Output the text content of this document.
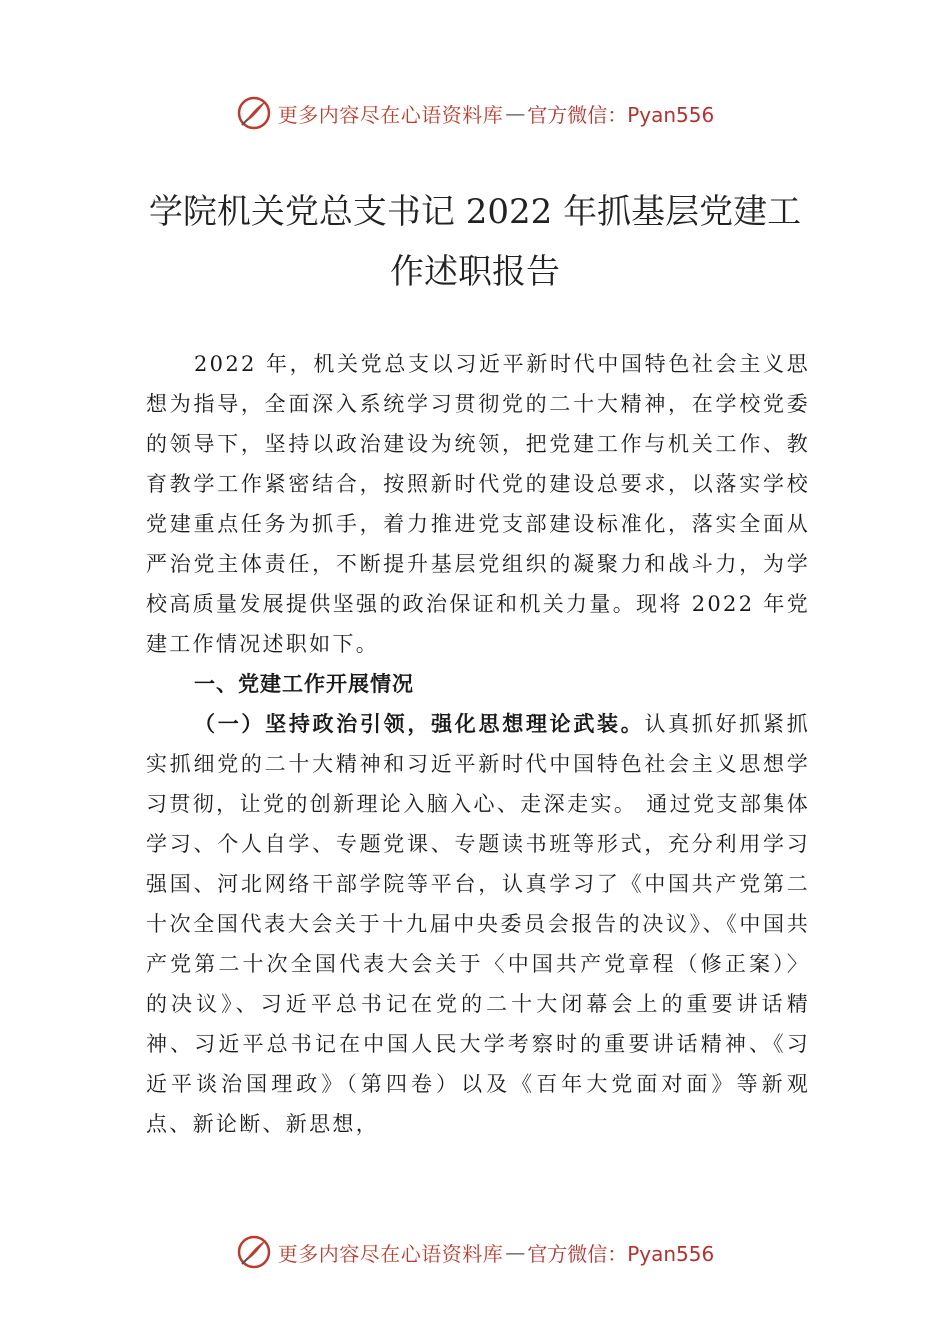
更多内容尽在心语资料库 — 官方微信：Pyan556
学院机关党总支书记 2022 年抓基层党建工
作述职报告

2022 年，机关党总支以习近平新时代中国特色社会主义思想为指导，全面深入系统学习贯彻党的二十大精神，在学校党委的领导下，坚持以政治建设为统领，把党建工作与机关工作、教育教学工作紧密结合，按照新时代党的建设总要求，以落实学校党建重点任务为抓手，着力推进党支部建设标准化，落实全面从严治党主体责任，不断提升基层党组织的凝聚力和战斗力，为学校高质量发展提供坚强的政治保证和机关力量。现将 2022 年党建工作情况述职如下。

一、党建工作开展情况

（一）坚持政治引领，强化思想理论武装。认真抓好抓紧抓实抓细党的二十大精神和习近平新时代中国特色社会主义思想学习贯彻，让党的创新理论入脑入心、走深走实。 通过党支部集体学习、个人自学、专题党课、专题读书班等形式，充分利用学习强国、河北网络干部学院等平台，认真学习了《中国共产党第二十次全国代表大会关于十九届中央委员会报告的决议》、《中国共产党第二十次全国代表大会关于〈中国共产党章程（修正案）〉的决议》、习近平总书记在党的二十大闭幕会上的重要讲话精神、习近平总书记在中国人民大学考察时的重要讲话精神、《习近平谈治国理政》（第四卷）以及《百年大党面对面》等新观点、新论断、新思想，

更多内容尽在心语资料库 — 官方微信：Pyan556
